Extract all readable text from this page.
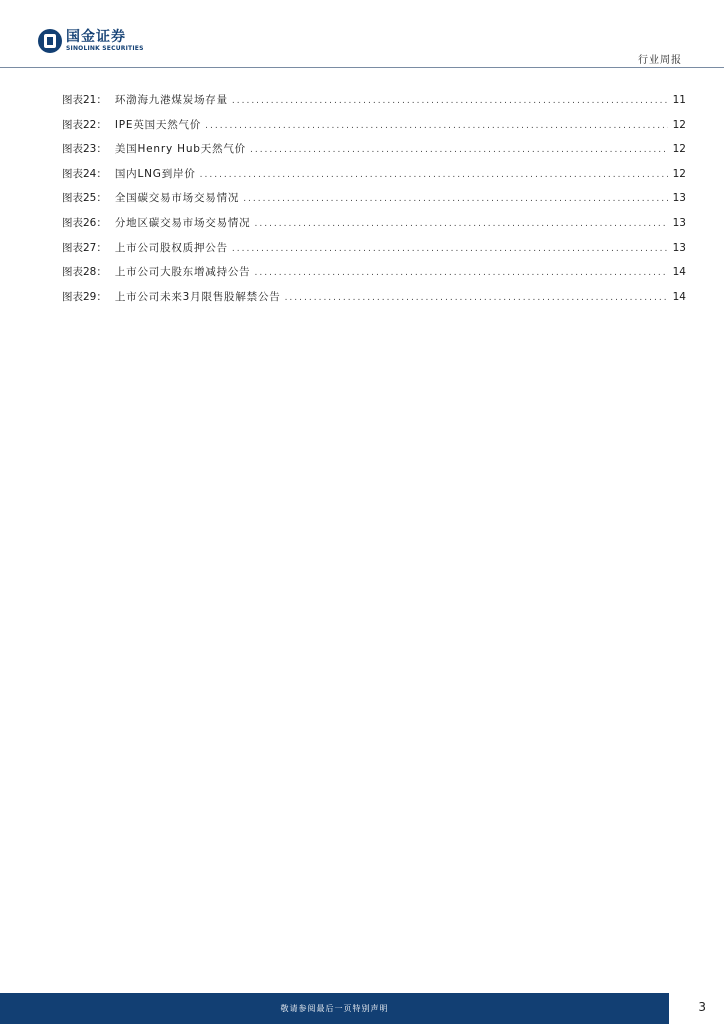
国金证券
SINOLINK SECURITIES
行业周报
图表21： 环渤海九港煤炭场存量 .....	11
图表22： IPE英国天然气价 .....	12
图表23： 美国Henry Hub天然气价 .....	12
图表24： 国内LNG到岸价 .....	12
图表25： 全国碳交易市场交易情况 .....	13
图表26： 分地区碳交易市场交易情况 .....	13
图表27： 上市公司股权质押公告 .....	13
图表28： 上市公司大股东增减持公告 .....	14
图表29： 上市公司未来3月限售股解禁公告 .....	14
敬请参阅最后一页特别声明	3
